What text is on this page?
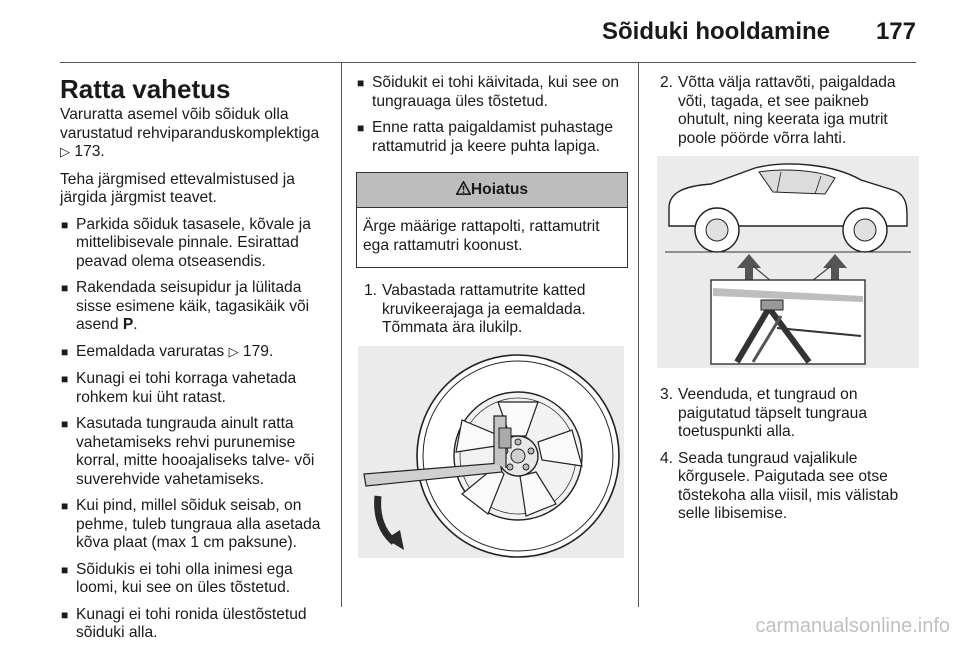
Sõiduki hooldamine 177
Ratta vahetus

Varuratta asemel võib sõiduk olla varustatud rehviparanduskomplektiga ▷ 173.

Teha järgmised ettevalmistused ja järgida järgmist teavet.

■ Parkida sõiduk tasasele, kõvale ja mittelibisevale pinnale. Esirattad peavad olema otseasendis.
■ Rakendada seisupidur ja lülitada sisse esimene käik, tagasikäik või asend P.
■ Eemaldada varuratas ▷ 179.
■ Kunagi ei tohi korraga vahetada rohkem kui üht ratast.
■ Kasutada tungrauda ainult ratta vahetamiseks rehvi purunemise korral, mitte hooajaliseks talve- või suverehvide vahetamiseks.
■ Kui pind, millel sõiduk seisab, on pehme, tuleb tungraua alla asetada kõva plaat (max 1 cm paksune).
■ Sõidukis ei tohi olla inimesi ega loomi, kui see on üles tõstetud.
■ Kunagi ei tohi ronida ülestõstetud sõiduki alla.
■ Sõidukit ei tohi käivitada, kui see on tungrauaga üles tõstetud.
■ Enne ratta paigaldamist puhastage rattamutrid ja keere puhta lapiga.
Hoiatus
Ärge määrige rattapolti, rattamutrit ega rattamutri koonust.
1. Vabastada rattamutrite katted kruvikeerajaga ja eemaldada. Tõmmata ära ilukilp.
2. Võtta välja rattavõti, paigaldada võti, tagada, et see paikneb ohutult, ning keerata iga mutrit poole pöörde võrra lahti.
3. Veenduda, et tungraud on paigutatud täpselt tungraua toetuspunkti alla.
4. Seada tungraud vajalikule kõrgusele. Paigutada see otse tõstekoha alla viisil, mis välistab selle libisemise.
carmanualsonline.info
